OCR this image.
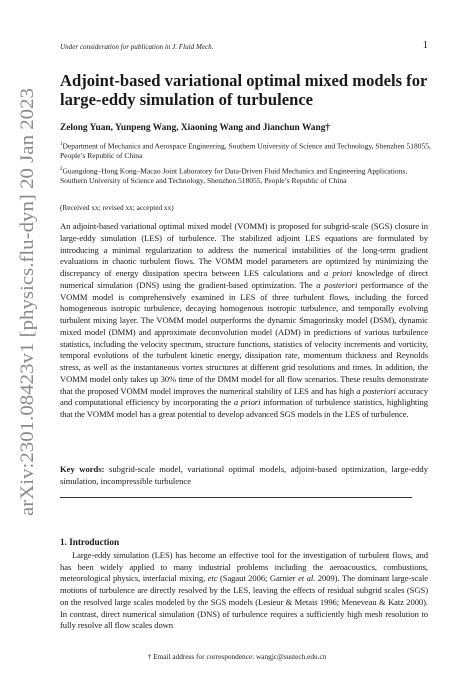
arXiv:2301.08423v1 [physics.flu-dyn] 20 Jan 2023
Under consideration for publication in J. Fluid Mech.	1
Adjoint-based variational optimal mixed models for large-eddy simulation of turbulence
Zelong Yuan, Yunpeng Wang, Xiaoning Wang and Jianchun Wang†
$^1$Department of Mechanics and Aerospace Engineering, Southern University of Science and Technology, Shenzhen 518055, People’s Republic of China
$^2$Guangdong–Hong Kong–Macao Joint Laboratory for Data-Driven Fluid Mechanics and Engineering Applications, Southern University of Science and Technology, Shenzhen 518055, People’s Republic of China
(Received xx; revised xx; accepted xx)

An adjoint-based variational optimal mixed model (VOMM) is proposed for subgrid-scale (SGS) closure in large-eddy simulation (LES) of turbulence. The stabilized adjoint LES equations are formulated by introducing a minimal regularization to address the numerical instabilities of the long-term gradient evaluations in chaotic turbulent flows. The VOMM model parameters are optimized by minimizing the discrepancy of energy dissipation spectra between LES calculations and a priori knowledge of direct numerical simulation (DNS) using the gradient-based optimization. The a posteriori performance of the VOMM model is comprehensively examined in LES of three turbulent flows, including the forced homogeneous isotropic turbulence, decaying homogenous isotropic turbulence, and temporally evolving turbulent mixing layer. The VOMM model outperforms the dynamic Smagorinsky model (DSM), dynamic mixed model (DMM) and approximate deconvolution model (ADM) in predictions of various turbulence statistics, including the velocity spectrum, structure functions, statistics of velocity increments and vorticity, temporal evolutions of the turbulent kinetic energy, dissipation rate, momentum thickness and Reynolds stress, as well as the instantaneous vortex structures at different grid resolutions and times. In addition, the VOMM model only takes up 30% time of the DMM model for all flow scenarios. These results demonstrate that the proposed VOMM model improves the numerical stability of LES and has high a posteriori accuracy and computational efficiency by incorporating the a priori information of turbulence statistics, highlighting that the VOMM model has a great potential to develop advanced SGS models in the LES of turbulence.

Key words: subgrid-scale model, variational optimal models, adjoint-based optimization, large-eddy simulation, incompressible turbulence

1. Introduction

Large-eddy simulation (LES) has become an effective tool for the investigation of turbulent flows, and has been widely applied to many industrial problems including the aeroacoustics, combustions, meteorological physics, interfacial mixing, etc (Sagaut 2006; Garnier et al. 2009). The dominant large-scale motions of turbulence are directly resolved by the LES, leaving the effects of residual subgrid scales (SGS) on the resolved large scales modeled by the SGS models (Lesieur & Metais 1996; Meneveau & Katz 2000). In contrast, direct numerical simulation (DNS) of turbulence requires a sufficiently high mesh resolution to fully resolve all flow scales down

† Email address for correspondence: wangjc@sustech.edu.cn
